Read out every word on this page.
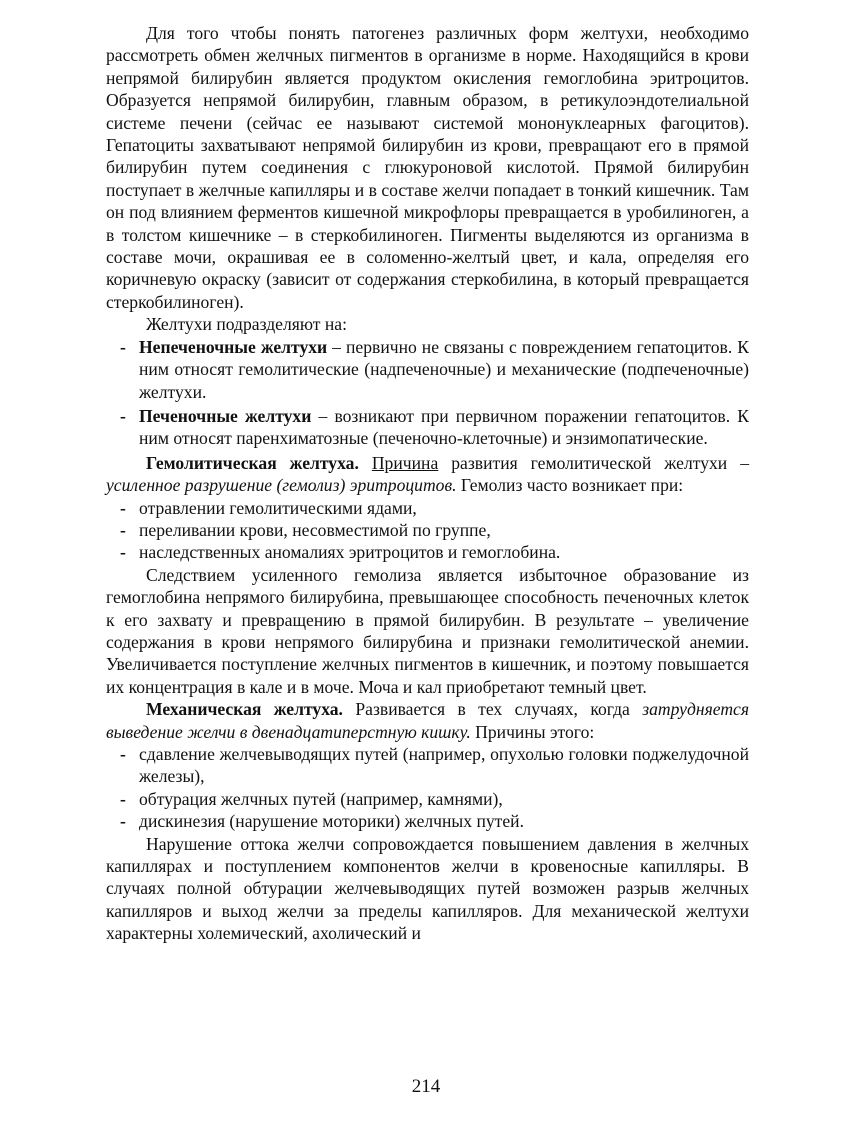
Для того чтобы понять патогенез различных форм желтухи, необходимо рассмотреть обмен желчных пигментов в организме в норме. Находящийся в крови непрямой билирубин является продуктом окисления гемоглобина эритроцитов. Образуется непрямой билирубин, главным образом, в ретикулоэндотелиальной системе печени (сейчас ее называют системой мононуклеарных фагоцитов). Гепатоциты захватывают непрямой билирубин из крови, превращают его в прямой билирубин путем соединения с глюкуроновой кислотой. Прямой билирубин поступает в желчные капилляры и в составе желчи попадает в тонкий кишечник. Там он под влиянием ферментов кишечной микрофлоры превращается в уробилиноген, а в толстом кишечнике – в стеркобилиноген. Пигменты выделяются из организма в составе мочи, окрашивая ее в соломенно-желтый цвет, и кала, определяя его коричневую окраску (зависит от содержания стеркобилина, в который превращается стеркобилиноген).

Желтухи подразделяют на:

- Непеченочные желтухи – первично не связаны с повреждением гепатоцитов. К ним относят гемолитические (надпеченочные) и механические (подпеченочные) желтухи.
- Печеночные желтухи – возникают при первичном поражении гепатоцитов. К ним относят паренхиматозные (печеночно-клеточные) и энзимопатические.

Гемолитическая желтуха. Причина развития гемолитической желтухи – усиленное разрушение (гемолиз) эритроцитов. Гемолиз часто возникает при:

- отравлении гемолитическими ядами,
- переливании крови, несовместимой по группе,
- наследственных аномалиях эритроцитов и гемоглобина.

Следствием усиленного гемолиза является избыточное образование из гемоглобина непрямого билирубина, превышающее способность печеночных клеток к его захвату и превращению в прямой билирубин. В результате – увеличение содержания в крови непрямого билирубина и признаки гемолитической анемии. Увеличивается поступление желчных пигментов в кишечник, и поэтому повышается их концентрация в кале и в моче. Моча и кал приобретают темный цвет.

Механическая желтуха. Развивается в тех случаях, когда затрудняется выведение желчи в двенадцатиперстную кишку. Причины этого:

- сдавление желчевыводящих путей (например, опухолью головки поджелудочной железы),
- обтурация желчных путей (например, камнями),
- дискинезия (нарушение моторики) желчных путей.

Нарушение оттока желчи сопровождается повышением давления в желчных капиллярах и поступлением компонентов желчи в кровеносные капилляры. В случаях полной обтурации желчевыводящих путей возможен разрыв желчных капилляров и выход желчи за пределы капилляров. Для механической желтухи характерны холемический, ахолический и

214
